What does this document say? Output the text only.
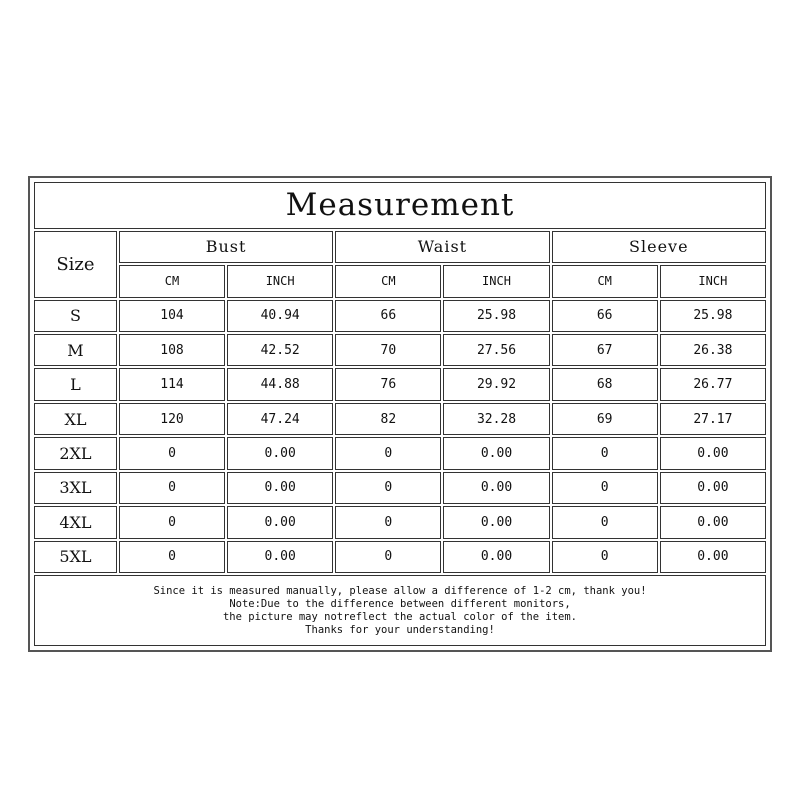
Measurement						
Size	Bust		Waist		Sleeve	
	CM	INCH	CM	INCH	CM	INCH
S	104	40.94	66	25.98	66	25.98
M	108	42.52	70	27.56	67	26.38
L	114	44.88	76	29.92	68	26.77
XL	120	47.24	82	32.28	69	27.17
2XL	0	0.00	0	0.00	0	0.00
3XL	0	0.00	0	0.00	0	0.00
4XL	0	0.00	0	0.00	0	0.00
5XL	0	0.00	0	0.00	0	0.00

Since it is measured manually, please allow a difference of 1-2 cm, thank you!
Note:Due to the difference between different monitors,
the picture may notreflect the actual color of the item.
Thanks for your understanding!						
